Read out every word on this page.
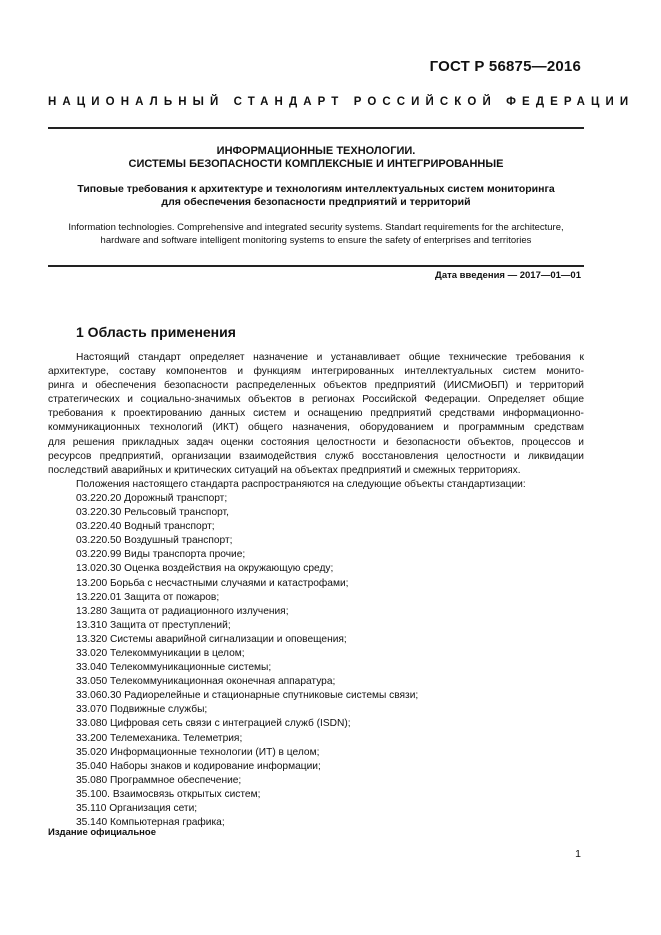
ГОСТ Р 56875—2016
НАЦИОНАЛЬНЫЙ СТАНДАРТ РОССИЙСКОЙ ФЕДЕРАЦИИ

ИНФОРМАЦИОННЫЕ ТЕХНОЛОГИИ.

СИСТЕМЫ БЕЗОПАСНОСТИ КОМПЛЕКСНЫЕ И ИНТЕГРИРОВАННЫЕ

Типовые требования к архитектуре и технологиям интеллектуальных систем мониторинга

для обеспечения безопасности предприятий и территорий

Information technologies. Comprehensive and integrated security systems. Standart requirements for the architecture,

hardware and software intelligent monitoring systems to ensure the safety of enterprises and territories

Дата введения — 2017—01—01
1 Область применения

Настоящий стандарт определяет назначение и устанавливает общие технические требования к

архитектуре, составу компонентов и функциям интегрированных интеллектуальных систем монито-

ринга и обеспечения безопасности распределенных объектов предприятий (ИИСМиОБП) и территорий

стратегических и социально-значимых объектов в регионах Российской Федерации. Определяет общие

требования к проектированию данных систем и оснащению предприятий средствами информационно-

коммуникационных технологий (ИКТ) общего назначения, оборудованием и программным средствам

для решения прикладных задач оценки состояния целостности и безопасности объектов, процессов и

ресурсов предприятий, организации взаимодействия служб восстановления целостности и ликвидации

последствий аварийных и критических ситуаций на объектах предприятий и смежных территориях.

Положения настоящего стандарта распространяются на следующие объекты стандартизации:

03.220.20 Дорожный транспорт;

03.220.30 Рельсовый транспорт,

03.220.40 Водный транспорт;

03.220.50 Воздушный транспорт;

03.220.99 Виды транспорта прочие;

13.020.30 Оценка воздействия на окружающую среду;

13.200 Борьба с несчастными случаями и катастрофами;

13.220.01 Защита от пожаров;

13.280 Защита от радиационного излучения;

13.310 Защита от преступлений;

13.320 Системы аварийной сигнализации и оповещения;

33.020 Телекоммуникации в целом;

33.040 Телекоммуникационные системы;

33.050 Телекоммуникационная оконечная аппаратура;

33.060.30 Радиорелейные и стационарные спутниковые системы связи;

33.070 Подвижные службы;

33.080 Цифровая сеть связи с интеграцией служб (ISDN);

33.200 Телемеханика. Телеметрия;

35.020 Информационные технологии (ИТ) в целом;

35.040 Наборы знаков и кодирование информации;

35.080 Программное обеспечение;

35.100. Взаимосвязь открытых систем;

35.110 Организация сети;

35.140 Компьютерная графика;

Издание официальное
1
